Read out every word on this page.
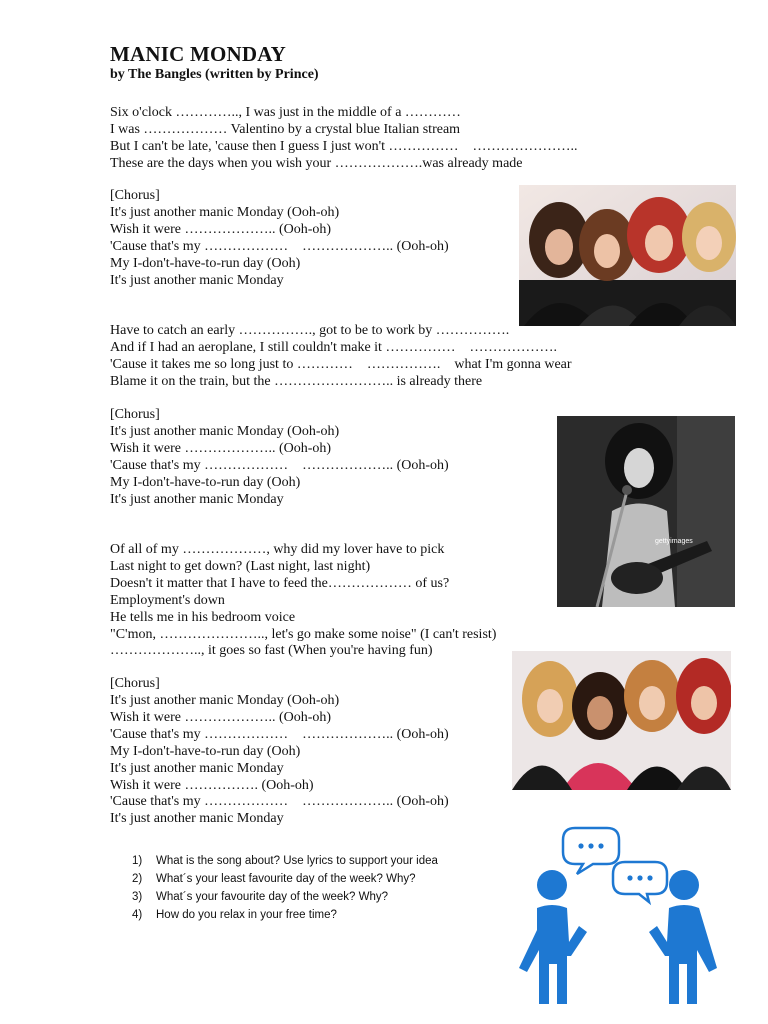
MANIC MONDAY
by The Bangles (written by Prince)
Six o'clock ………….., I was just in the middle of a …………
I was ……………… Valentino by a crystal blue Italian stream
But I can't be late, 'cause then I guess I just won't ……………    …………………..
These are the days when you wish your ……………….was already made
[Chorus]
It's just another manic Monday (Ooh-oh)
Wish it were ……………….. (Ooh-oh)
'Cause that's my ………………    ……………….. (Ooh-oh)
My I-don't-have-to-run day (Ooh)
It's just another manic Monday
Have to catch an early ……………., got to be to work by …………….
And if I had an aeroplane, I still couldn't make it ……………    ……………….
'Cause it takes me so long just to …………    …………….    what I'm gonna wear
Blame it on the train, but the …………………….. is already there
[Chorus]
It's just another manic Monday (Ooh-oh)
Wish it were ……………….. (Ooh-oh)
'Cause that's my ………………    ……………….. (Ooh-oh)
My I-don't-have-to-run day (Ooh)
It's just another manic Monday
Of all of my ………………, why did my lover have to pick
Last night to get down? (Last night, last night)
Doesn't it matter that I have to feed the……………… of us?
Employment's down
He tells me in his bedroom voice
"C'mon, ………………….., let's go make some noise" (I can't resist)
……………….., it goes so fast (When you're having fun)
[Chorus]
It's just another manic Monday (Ooh-oh)
Wish it were ……………….. (Ooh-oh)
'Cause that's my ………………    ……………….. (Ooh-oh)
My I-don't-have-to-run day (Ooh)
It's just another manic Monday
Wish it were ……………. (Ooh-oh)
'Cause that's my ………………    ……………….. (Ooh-oh)
It's just another manic Monday
1) What is the song about? Use lyrics to support your idea
2) What´s your least favourite day of the week? Why?
3) What´s your favourite day of the week? Why?
4) How do you relax in your free time?
gettyimages
